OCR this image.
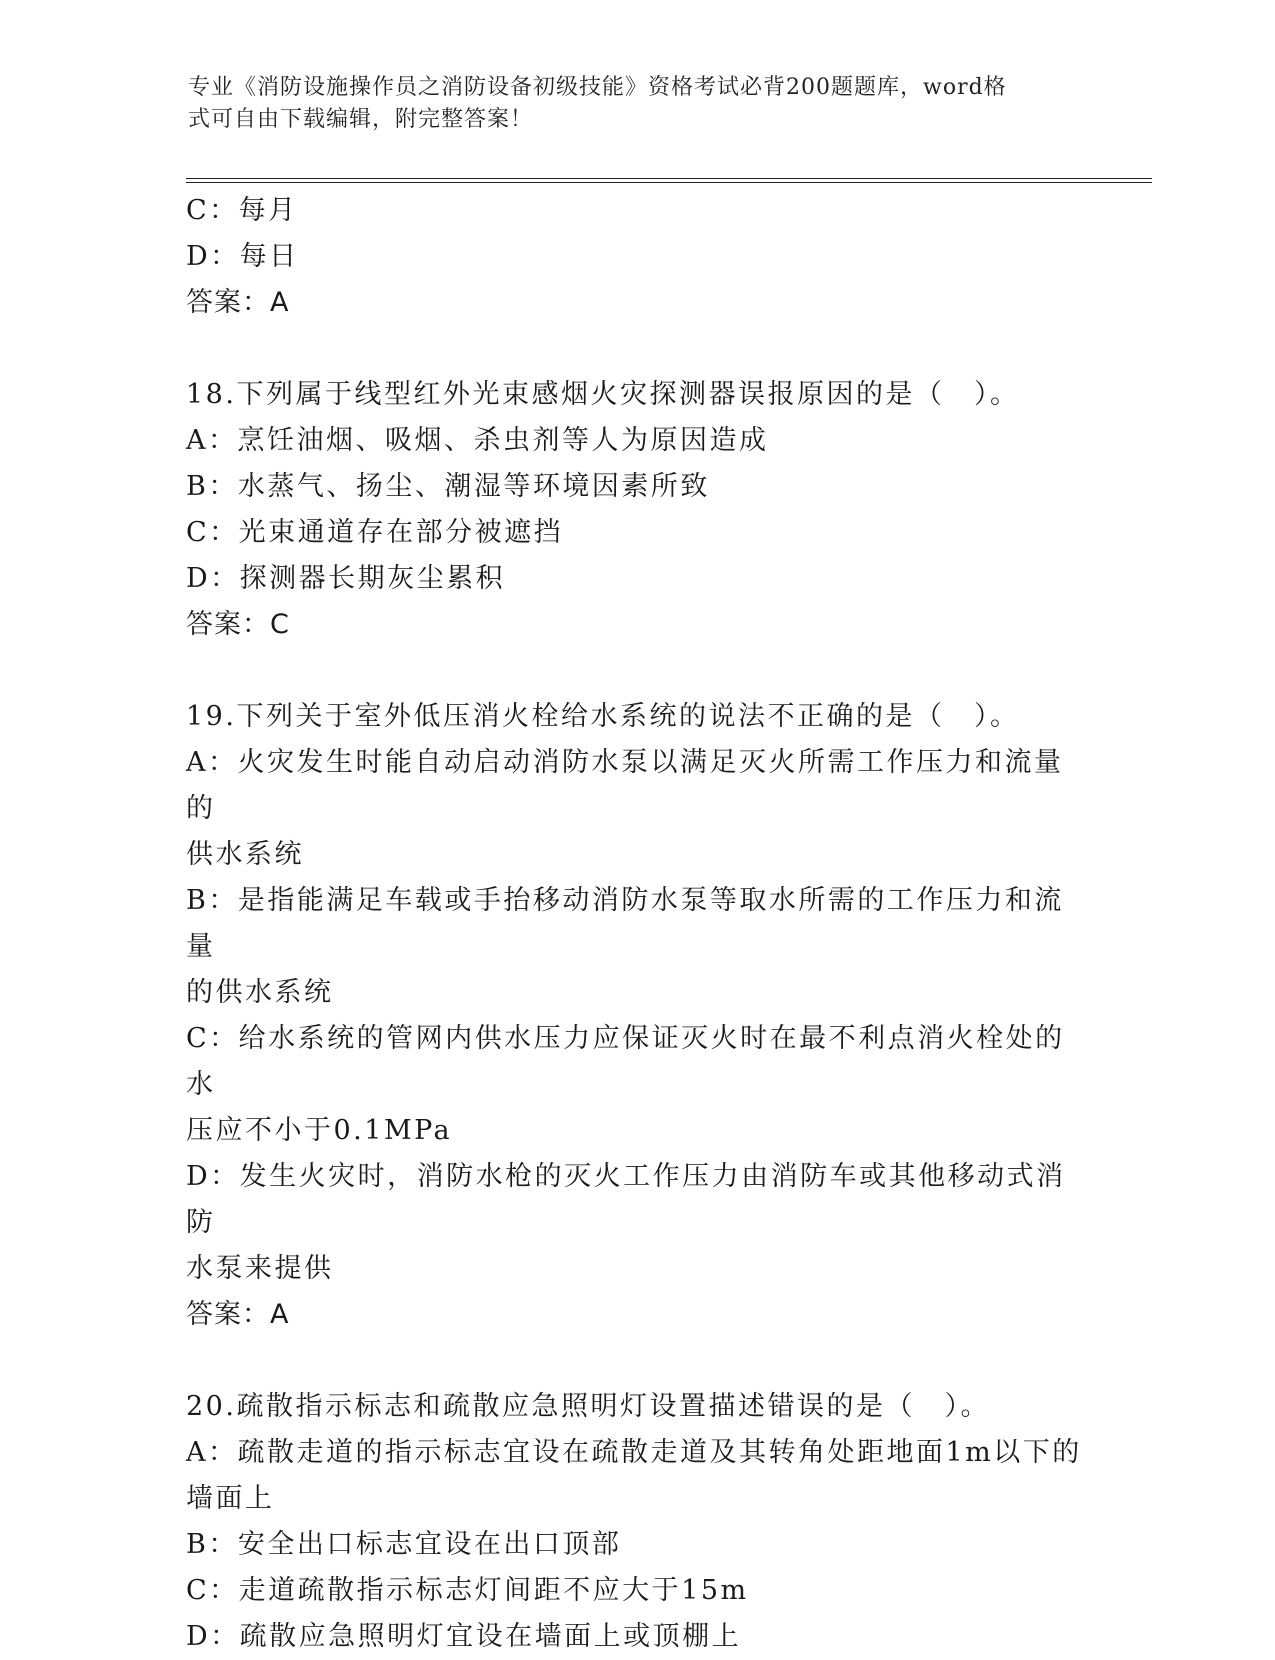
专业《消防设施操作员之消防设备初级技能》资格考试必背200题题库，word格
式可自由下载编辑，附完整答案！
C：每月
D：每日
答案：A
18.下列属于线型红外光束感烟火灾探测器误报原因的是（　）。
A：烹饪油烟、吸烟、杀虫剂等人为原因造成
B：水蒸气、扬尘、潮湿等环境因素所致
C：光束通道存在部分被遮挡
D：探测器长期灰尘累积
答案：C
19.下列关于室外低压消火栓给水系统的说法不正确的是（　）。
A：火灾发生时能自动启动消防水泵以满足灭火所需工作压力和流量的
供水系统
B：是指能满足车载或手抬移动消防水泵等取水所需的工作压力和流量
的供水系统
C：给水系统的管网内供水压力应保证灭火时在最不利点消火栓处的水
压应不小于0.1MPa
D：发生火灾时，消防水枪的灭火工作压力由消防车或其他移动式消防
水泵来提供
答案：A
20.疏散指示标志和疏散应急照明灯设置描述错误的是（　）。
A：疏散走道的指示标志宜设在疏散走道及其转角处距地面1m以下的
墙面上
B：安全出口标志宜设在出口顶部
C：走道疏散指示标志灯间距不应大于15m
D：疏散应急照明灯宜设在墙面上或顶棚上
